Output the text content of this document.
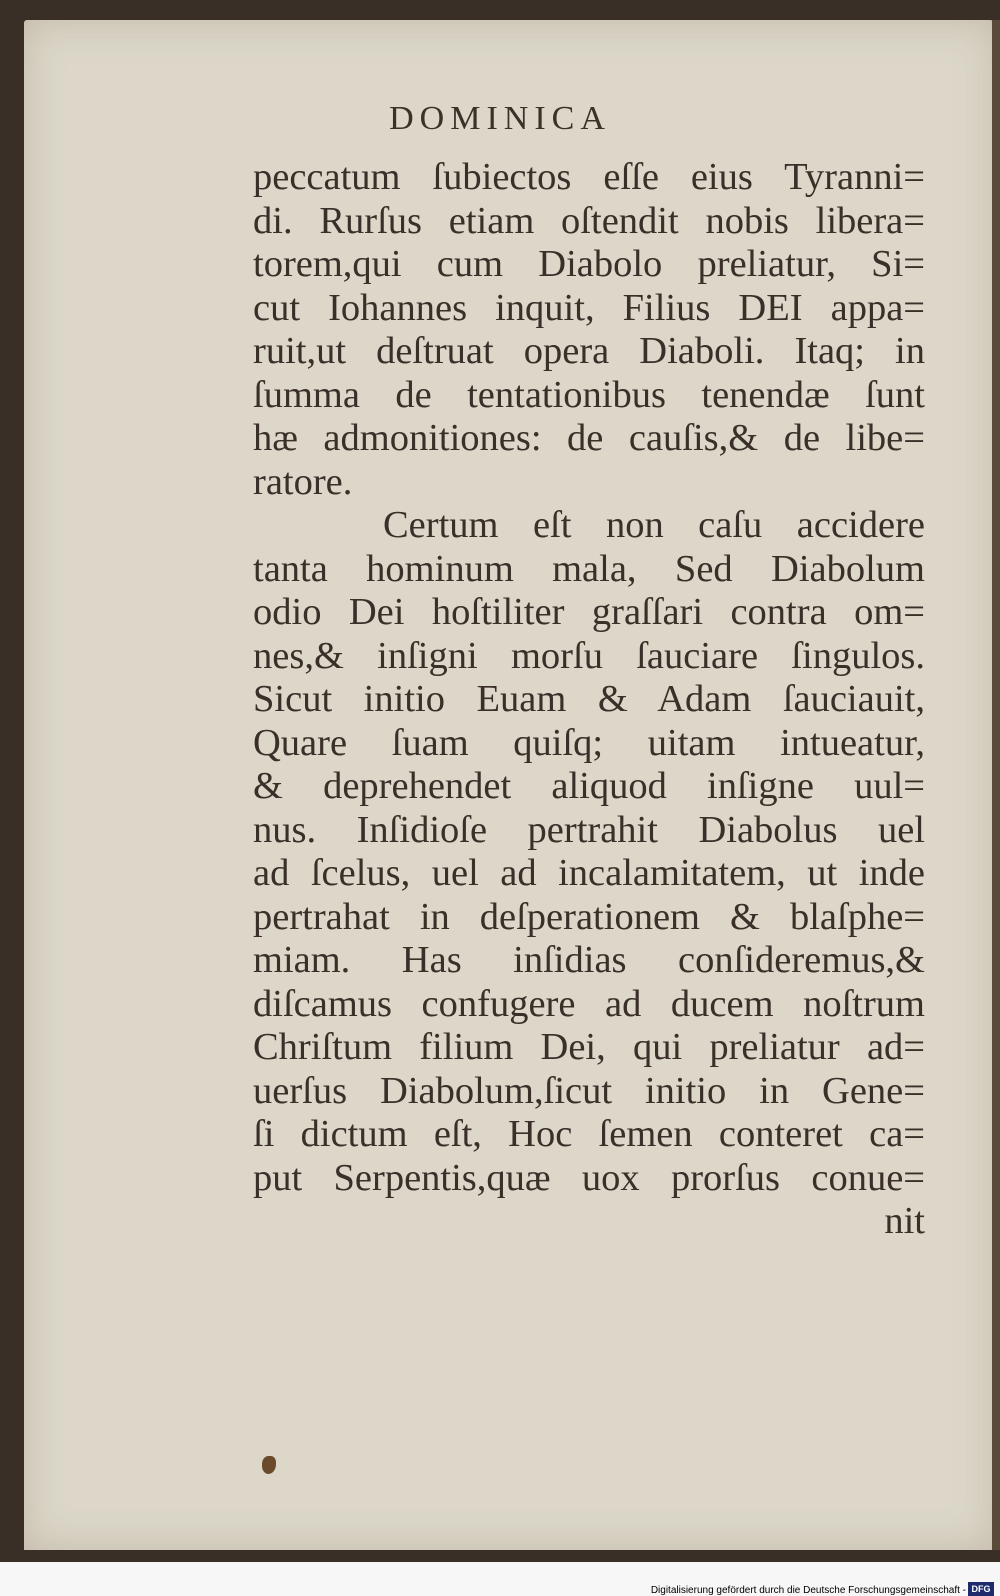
DOMINICA
peccatum ſubiectos eſſe eius Tyranni=
di. Rurſus etiam oſtendit nobis libera=
torem,qui cum Diabolo preliatur, Si=
cut Iohannes inquit, Filius DEI appa=
ruit,ut deſtruat opera Diaboli. Itaq; in
ſumma de tentationibus tenendæ ſunt
hæ admonitiones: de cauſis,& de libe=
ratore.
Certum eſt non caſu accidere
tanta hominum mala, Sed Diabolum
odio Dei hoſtiliter graſſari contra om=
nes,& inſigni morſu ſauciare ſingulos.
Sicut initio Euam & Adam ſauciauit,
Quare ſuam quiſq; uitam intueatur,
& deprehendet aliquod inſigne uul=
nus. Inſidioſe pertrahit Diabolus uel
ad ſcelus, uel ad incalamitatem, ut inde
pertrahat in deſperationem & blaſphe=
miam. Has inſidias conſideremus,&
diſcamus confugere ad ducem noſtrum
Chriſtum filium Dei, qui preliatur ad=
uerſus Diabolum,ſicut initio in Gene=
ſi dictum eſt, Hoc ſemen conteret ca=
put Serpentis,quæ uox prorſus conue=
nit
Digitalisierung gefördert durch die Deutsche Forschungsgemeinschaft - DFG
